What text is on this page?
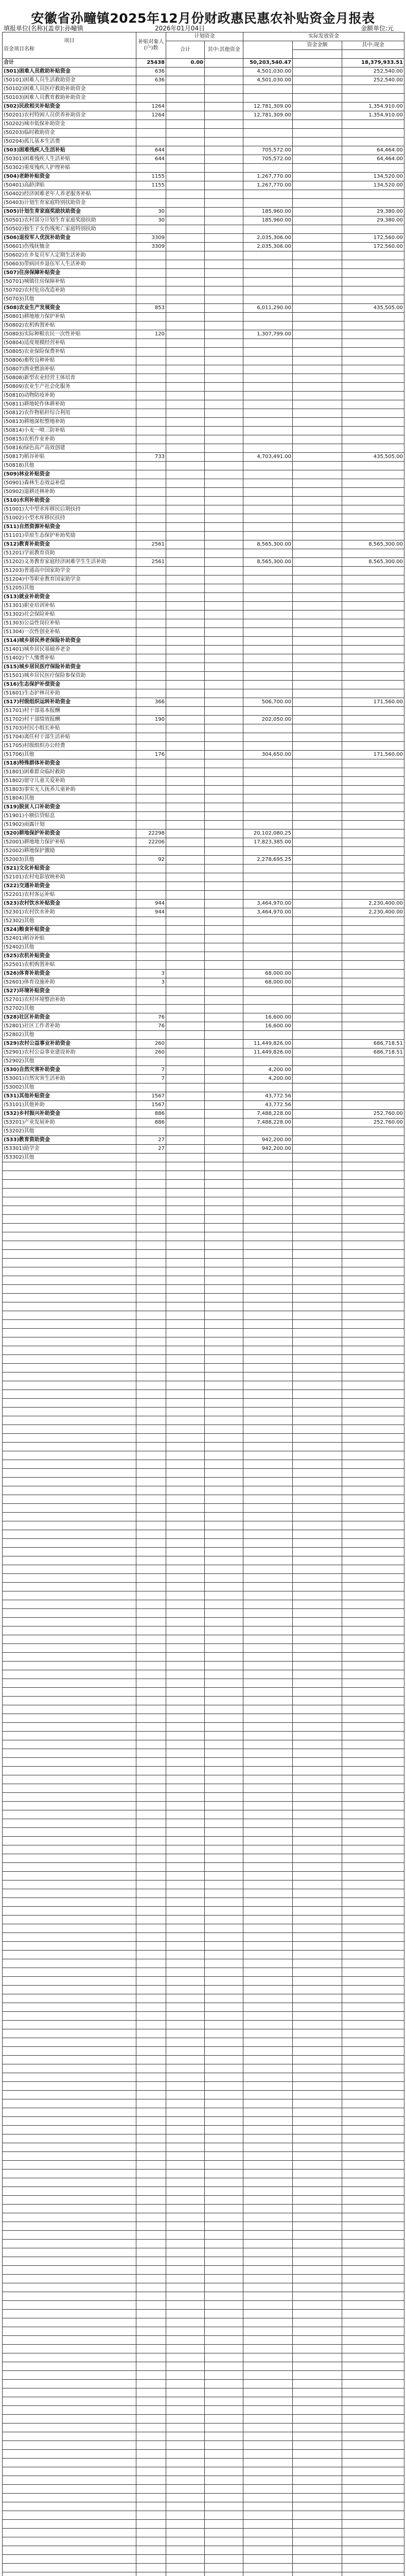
安徽省孙疃镇2025年12月份财政惠民惠农补贴资金月报表
填报单位(名称)(盖章):孙疃镇	2026年01月04日	金额单位:元
项目
资金项目名称	补贴对象人(户)数	计划资金		实际发放资金		
		合计	其中:其他资金		资金金额	其中:现金

合计	25438	0.00		50,203,540.47		18,379,933.51
(501)困难人员救助补贴资金	636			4,501,030.00		252,540.00
(50101)困难人员生活救助资金	636			4,501,030.00		252,540.00
(50102)困难人员医疗救助补助资金						
(50103)困难人员教育救助补助资金						
(502)民政相关补贴资金	1264			12,781,309.00		1,354,910.00
(50201)农村特困人员供养补助资金	1264			12,781,309.00		1,354,910.00
(50202)城市低保补助资金						
(50203)临时救助资金						
(50204)孤儿基本生活费						
(503)困难残疾人生活补贴	644			705,572.00		64,464.00
(50301)困难残疾人生活补贴	644			705,572.00		64,464.00
(50302)重度残疾人护理补贴						
(504)老龄补贴资金	1155			1,267,770.00		134,520.00
(50401)高龄津贴	1155			1,267,770.00		134,520.00
(50402)经济困难老年人养老服务补贴						
(50403)计划生育家庭特别扶助资金						
(505)计划生育家庭奖励扶助资金	30			185,960.00		29,380.00
(50501)农村部分计划生育家庭奖励扶助	30			185,960.00		29,380.00
(50502)独生子女伤残死亡家庭特别扶助						
(506)退役军人优抚补助资金	3309			2,035,306.00		172,560.00
(50601)伤残抚恤金	3309			2,035,306.00		172,560.00
(50602)在乡复员军人定期生活补助						
(50603)带病回乡退伍军人生活补助						
(507)住房保障补贴资金						
(50701)城镇住房保障补贴						
(50702)农村危房改造补助						
(50703)其他						
(508)农业生产发展资金	853			6,011,290.00		435,505.00
(50801)耕地地力保护补贴						
(50802)农机购置补贴						
(50803)实际种粮农民一次性补贴	120			1,307,799.00		
(50804)适度规模经营补贴						
(50805)农业保险保费补贴						
(50806)畜牧良种补贴						
(50807)渔业燃油补贴						
(50808)新型农业经营主体培育						
(50809)农业生产社会化服务						
(50810)动物防疫补助						
(50811)耕地轮作休耕补助						
(50812)农作物秸秆综合利用						
(50813)耕地深松整地补助						
(50814)小麦一喷三防补贴						
(50815)农机作业补助						
(50816)绿色高产高效创建						
(50817)稻谷补贴	733			4,703,491.00		435,505.00
(50818)其他						
(509)林业补贴资金						
(50901)森林生态效益补偿						
(50902)退耕还林补助						
(510)水利补助资金						
(51001)大中型水库移民后期扶持						
(51002)小型水库移民扶持						
(511)自然资源补贴资金						
(51101)草原生态保护补助奖励						
(512)教育补助资金	2561			8,565,300.00		8,565,300.00
(51201)学前教育资助						
(51202)义务教育家庭经济困难学生生活补助	2561			8,565,300.00		8,565,300.00
(51203)普通高中国家助学金						
(51204)中等职业教育国家助学金						
(51205)其他						
(513)就业补助资金						
(51301)职业培训补贴						
(51302)社会保险补贴						
(51303)公益性岗位补贴						
(51304)一次性创业补贴						
(514)城乡居民养老保险补助资金						
(51401)城乡居民基础养老金						
(51402)个人缴费补贴						
(515)城乡居民医疗保险补助资金						
(51501)城乡居民医疗保险参保资助						
(516)生态保护补偿资金						
(51601)生态护林员补助						
(517)村级组织运转补助资金	366			506,700.00		171,560.00
(51701)村干部基本报酬						
(51702)村干部绩效报酬	190			202,050.00		
(51703)村民小组长补贴						
(51704)离任村干部生活补贴						
(51705)村级组织办公经费						
(51706)其他	176			304,650.00		171,560.00
(518)特殊群体补助资金						
(51801)困难群众临时救助						
(51802)留守儿童关爱补助						
(51803)事实无人抚养儿童补助						
(51804)其他						
(519)脱贫人口补助资金						
(51901)小额信贷贴息						
(51902)雨露计划						
(520)耕地保护补助资金	22298			20,102,080.25		
(52001)耕地地力保护补贴	22206			17,823,385.00		
(52002)耕地保护激励						
(52003)其他	92			2,278,695.25		
(521)文化补贴资金						
(52101)农村电影放映补助						
(522)交通补助资金						
(52201)农村客运补贴						
(523)农村饮水补贴资金	944			3,464,970.00		2,230,400.00
(52301)农村饮水补助	944			3,464,970.00		2,230,400.00
(52302)其他						
(524)粮食补贴资金						
(52401)稻谷补贴						
(52402)其他						
(525)农机补贴资金						
(52501)农机购置补贴						
(526)体育补助资金	3			68,000.00		
(52601)体育设施补助	3			68,000.00		
(527)环境补贴资金						
(52701)农村环境整治补助						
(52702)其他						
(528)社区补助资金	76			16,600.00		
(52801)社区工作者补助	76			16,600.00		
(52802)其他						
(529)农村公益事业补助资金	260			11,449,826.00		686,718.51
(52901)农村公益事业建设补助	260			11,449,826.00		686,718.51
(52902)其他						
(530)自然灾害补助资金	7			4,200.00		
(53001)自然灾害生活补助	7			4,200.00		
(53002)其他						
(531)其他补贴资金	1567			43,772.56		
(53101)其他补助	1567			43,772.56		
(532)乡村振兴补助资金	886			7,488,228.00		252,760.00
(53201)产业发展补助	886			7,488,228.00		252,760.00
(53202)其他						
(533)教育资助资金	27			942,200.00		
(53301)助学金	27			942,200.00		
(53302)其他						
